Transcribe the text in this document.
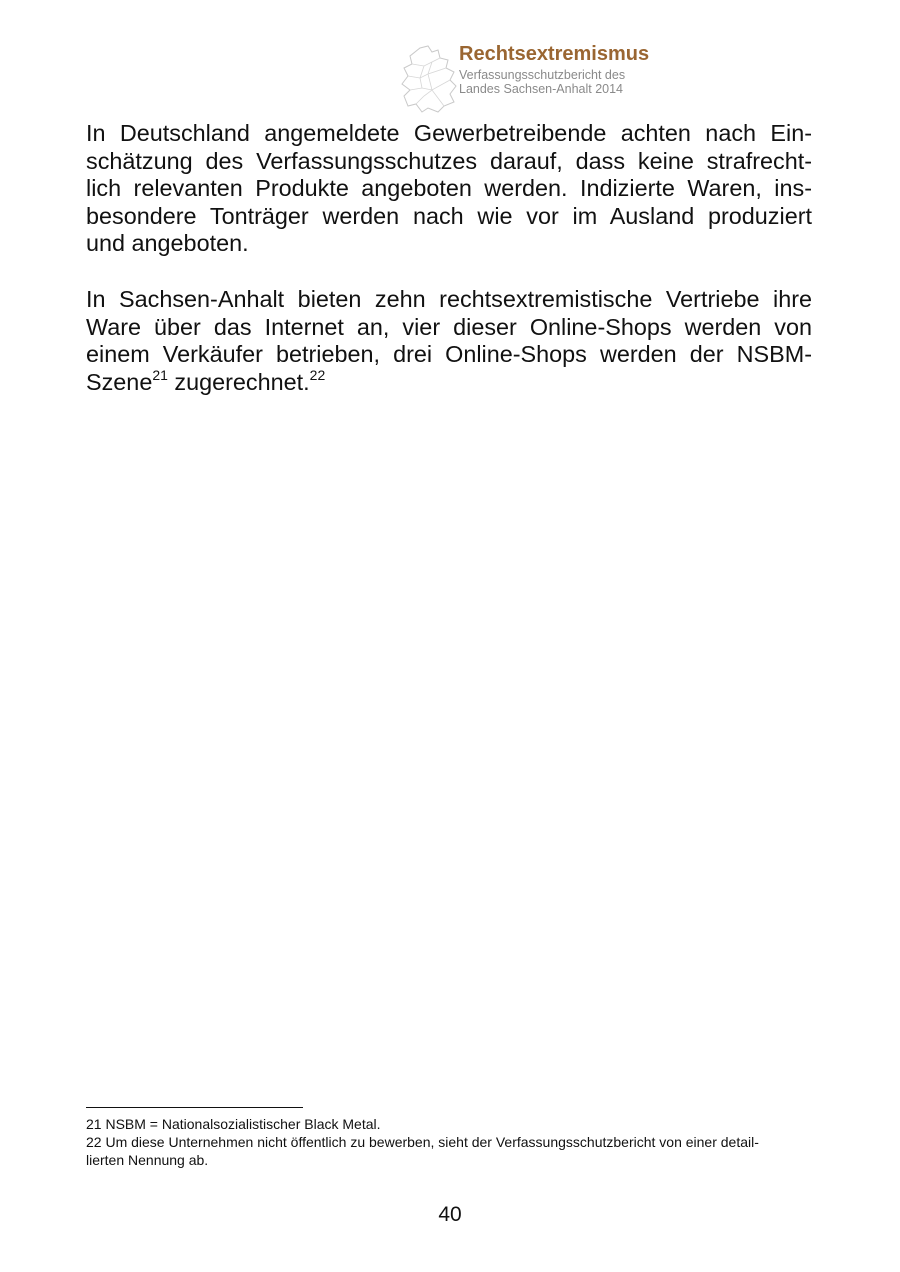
Rechtsextremismus
Verfassungsschutzbericht des
Landes Sachsen-Anhalt 2014
In Deutschland angemeldete Gewerbetreibende achten nach Ein-
schätzung des Verfassungsschutzes darauf, dass keine strafrecht-
lich relevanten Produkte angeboten werden. Indizierte Waren, ins-
besondere Tonträger werden nach wie vor im Ausland produziert
und angeboten.
In Sachsen-Anhalt bieten zehn rechtsextremistische Vertriebe ihre
Ware über das Internet an, vier dieser Online-Shops werden von
einem Verkäufer betrieben, drei Online-Shops werden der NSBM-
Szene$^{21}$ zugerechnet.$^{22}$
21 NSBM = Nationalsozialistischer Black Metal.
22 Um diese Unternehmen nicht öffentlich zu bewerben, sieht der Verfassungsschutzbericht von einer detail-
lierten Nennung ab.
40
